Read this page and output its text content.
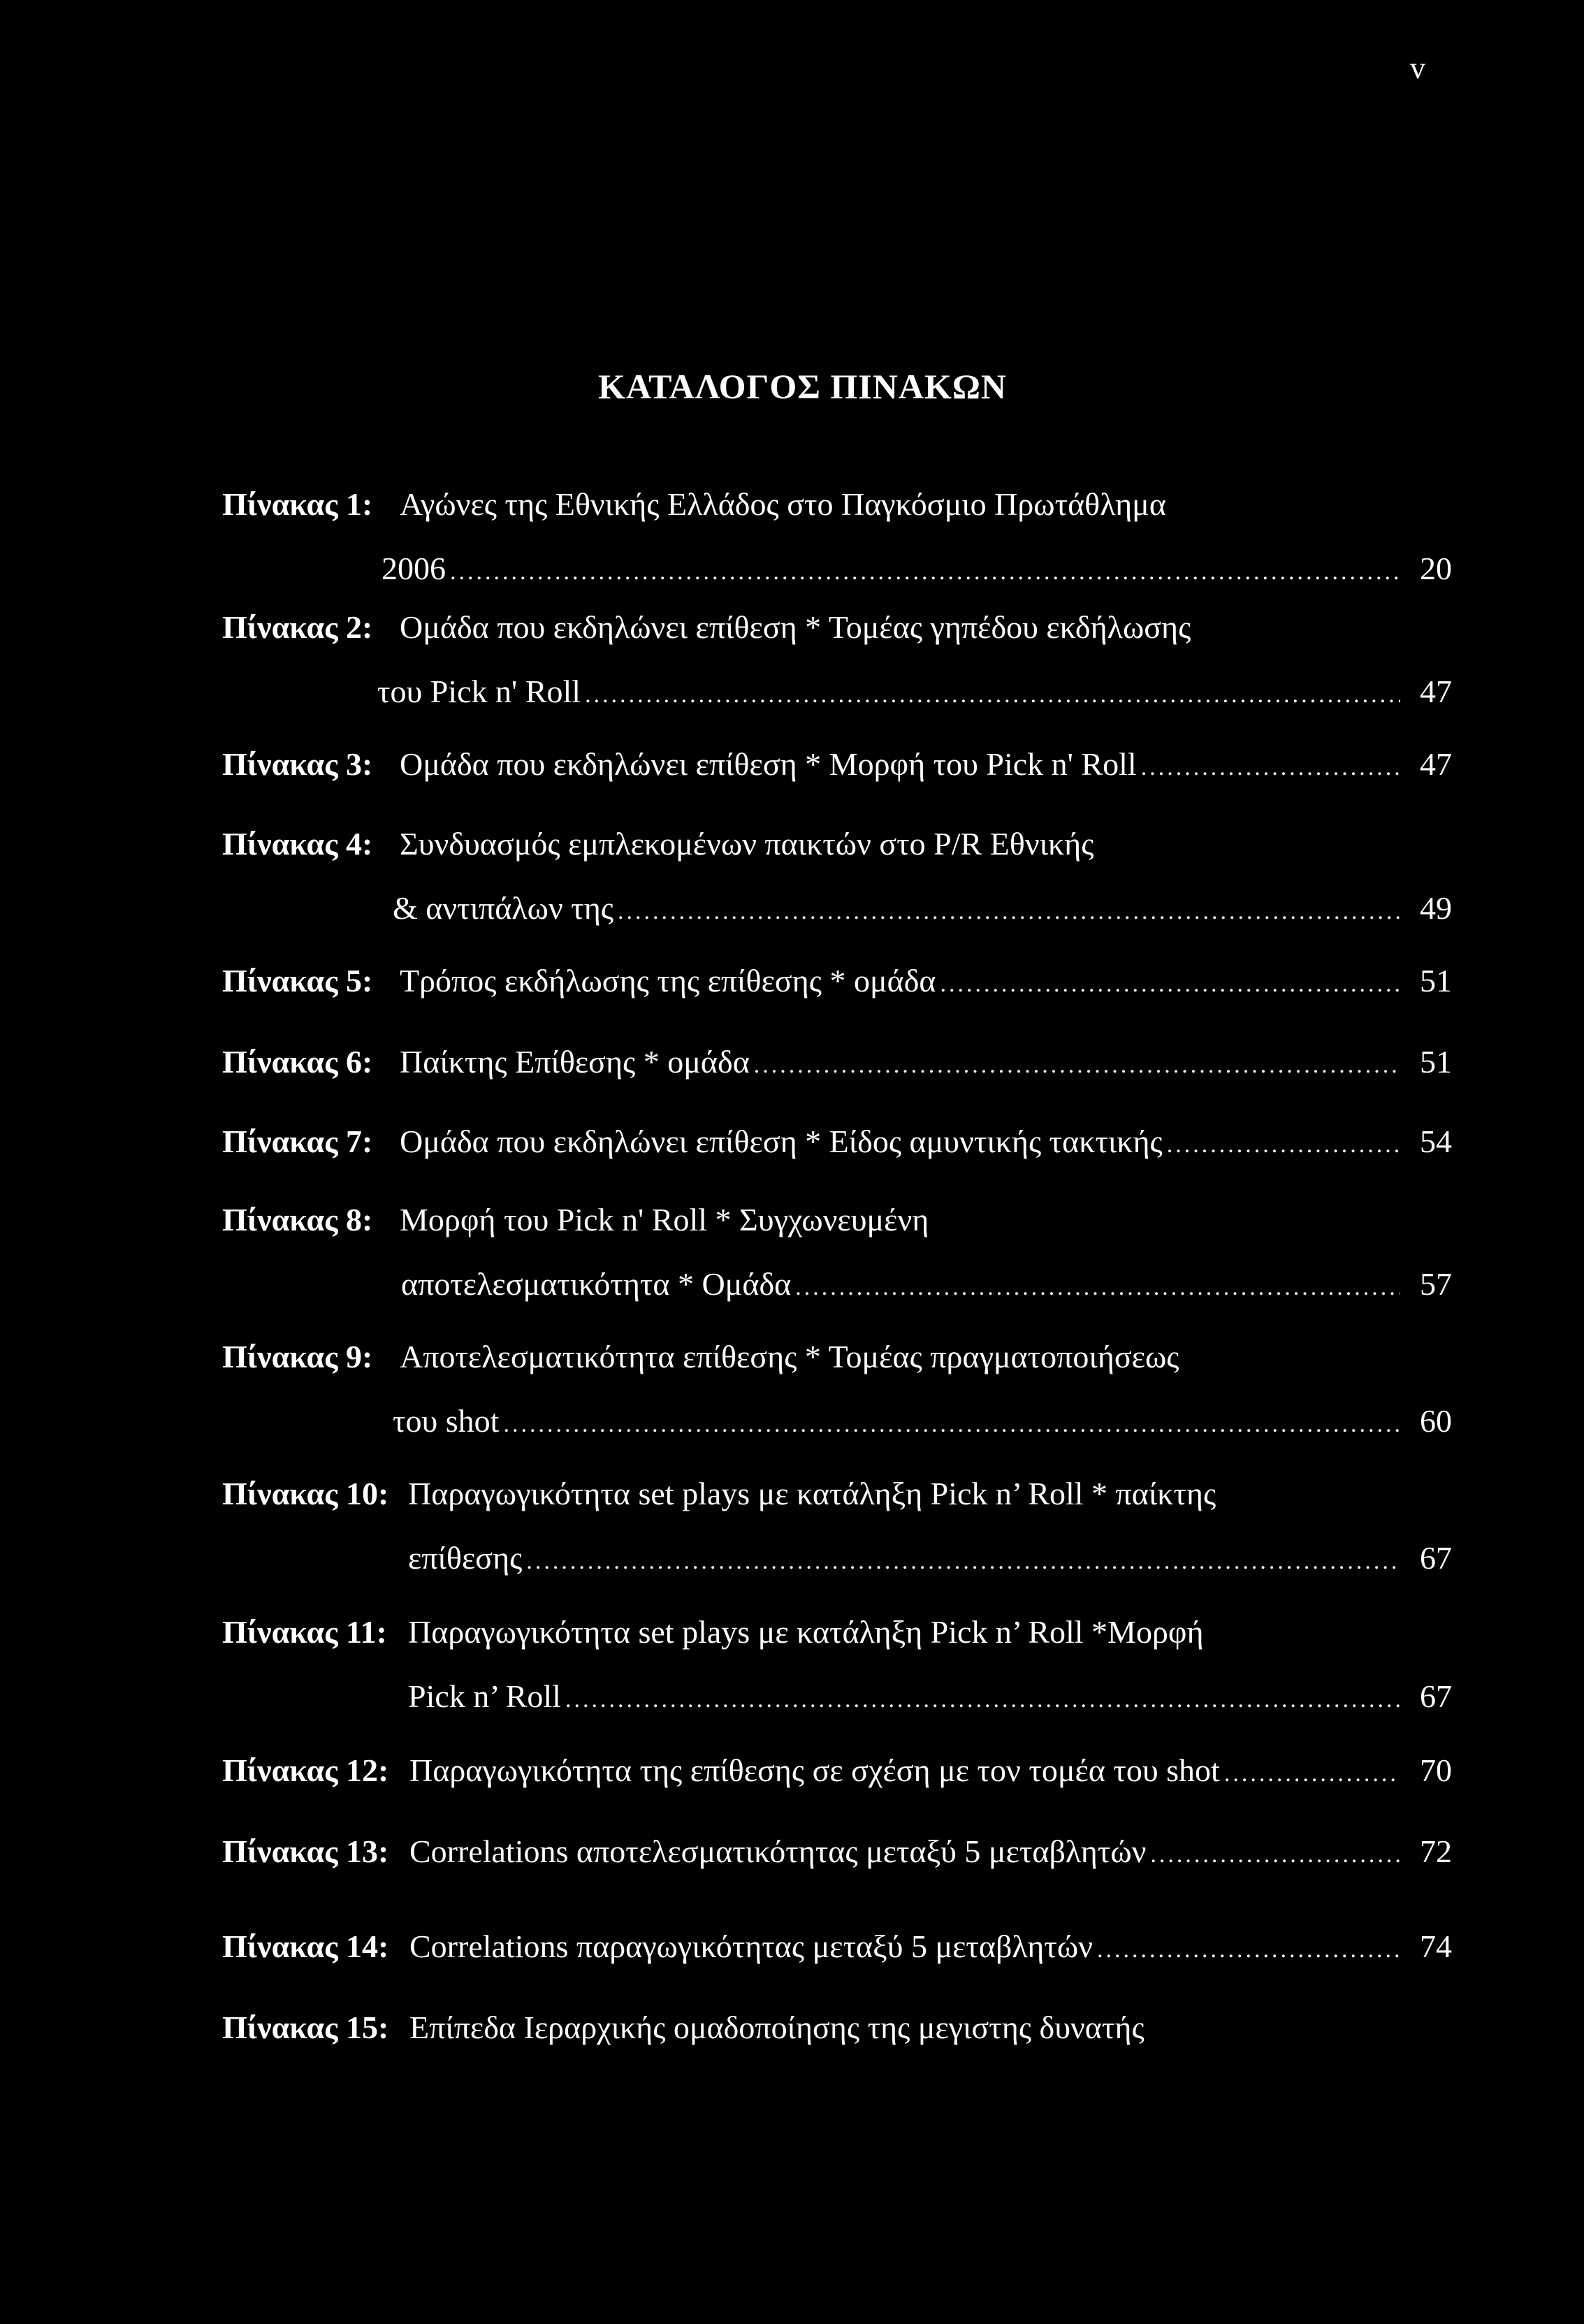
v
ΚΑΤΑΛΟΓΟΣ ΠΙΝΑΚΩΝ
Πίνακας 1: Αγώνες της Εθνικής Ελλάδος στο Παγκόσμιο Πρωτάθλημα
2006 .....	20
Πίνακας 2: Ομάδα που εκδηλώνει επίθεση * Τομέας γηπέδου εκδήλωσης
του Pick n' Roll .....	47
Πίνακας 3: Ομάδα που εκδηλώνει επίθεση * Μορφή του Pick n' Roll .....	47
Πίνακας 4: Συνδυασμός εμπλεκομένων παικτών στο P/R Εθνικής
& αντιπάλων της .....	49
Πίνακας 5: Τρόπος εκδήλωσης της επίθεσης * ομάδα .....	51
Πίνακας 6: Παίκτης Επίθεσης * ομάδα .....	51
Πίνακας 7: Ομάδα που εκδηλώνει επίθεση * Είδος αμυντικής τακτικής .....	54
Πίνακας 8: Μορφή του Pick n' Roll * Συγχωνευμένη
αποτελεσματικότητα * Ομάδα .....	57
Πίνακας 9: Αποτελεσματικότητα επίθεσης * Τομέας πραγματοποιήσεως
του shot .....	60
Πίνακας 10: Παραγωγικότητα set plays με κατάληξη Pick n’ Roll * παίκτης
επίθεσης .....	67
Πίνακας 11: Παραγωγικότητα set plays με κατάληξη Pick n’ Roll *Μορφή
Pick n’ Roll .....	67
Πίνακας 12: Παραγωγικότητα της επίθεσης σε σχέση με τον τομέα του shot .....	70
Πίνακας 13: Correlations αποτελεσματικότητας μεταξύ 5 μεταβλητών .....	72
Πίνακας 14: Correlations παραγωγικότητας μεταξύ 5 μεταβλητών .....	74
Πίνακας 15: Επίπεδα Ιεραρχικής ομαδοποίησης της μεγιστης δυνατής
